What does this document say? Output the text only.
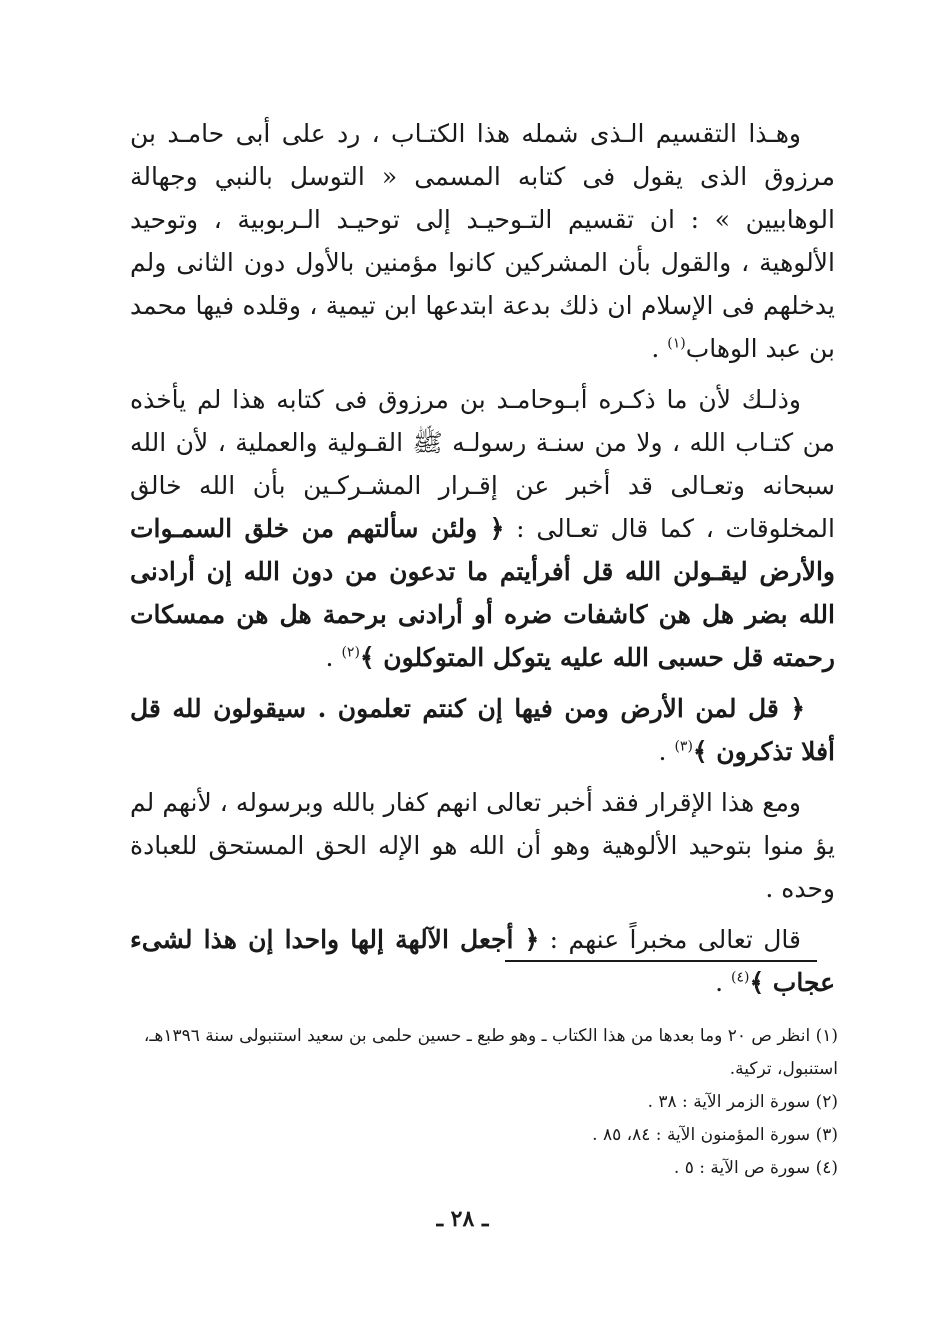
وهـذا التقسيم الـذى شمله هذا الكتـاب ، رد على أبى حامـد بن مرزوق الذى يقول فى كتابه المسمى « التوسل بالنبي وجهالة الوهابيين » : ان تقسيم التـوحيـد إلى توحيـد الـربوبية ، وتوحيد الألوهية ، والقول بأن المشركين كانوا مؤمنين بالأول دون الثانى ولم يدخلهم فى الإسلام ان ذلك بدعة ابتدعها ابن تيمية ، وقلده فيها محمد بن عبد الوهاب$^{(١)}$ .

وذلـك لأن ما ذكـره أبـوحامـد بن مرزوق فى كتابه هذا لم يأخذه من كتـاب الله ، ولا من سنـة رسولـه ﷺ القـولية والعملية ، لأن الله سبحانه وتعـالى قد أخبر عن إقـرار المشـركـين بأن الله خالق المخلوقات ، كما قال تعـالى : ﴿ ولئن سألتهم من خلق السمـوات والأرض ليقـولن الله قل أفرأيتم ما تدعون من دون الله إن أرادنى الله بضر هل هن كاشفات ضره أو أرادنى برحمة هل هن ممسكات رحمته قل حسبى الله عليه يتوكل المتوكلون ﴾$^{(٢)}$ .

﴿ قل لمن الأرض ومن فيها إن كنتم تعلمون . سيقولون لله قل أفلا تذكرون ﴾$^{(٣)}$ .

ومع هذا الإقرار فقد أخبر تعالى انهم كفار بالله وبرسوله ، لأنهم لم يؤ منوا بتوحيد الألوهية وهو أن الله هو الإله الحق المستحق للعبادة وحده .

قال تعالى مخبراً عنهم : ﴿ أجعل الآلهة إلها واحدا إن هذا لشىء عجاب ﴾$^{(٤)}$ .

(١) انظر ص ٢٠ وما بعدها من هذا الكتاب ـ وهو طبع ـ حسين حلمى بن سعيد استنبولى سنة ١٣٩٦هـ، استنبول، تركية.
(٢) سورة الزمر الآية : ٣٨ .
(٣) سورة المؤمنون الآية : ٨٤، ٨٥ .
(٤) سورة ص الآية : ٥ .
ـ ٢٨ ـ
